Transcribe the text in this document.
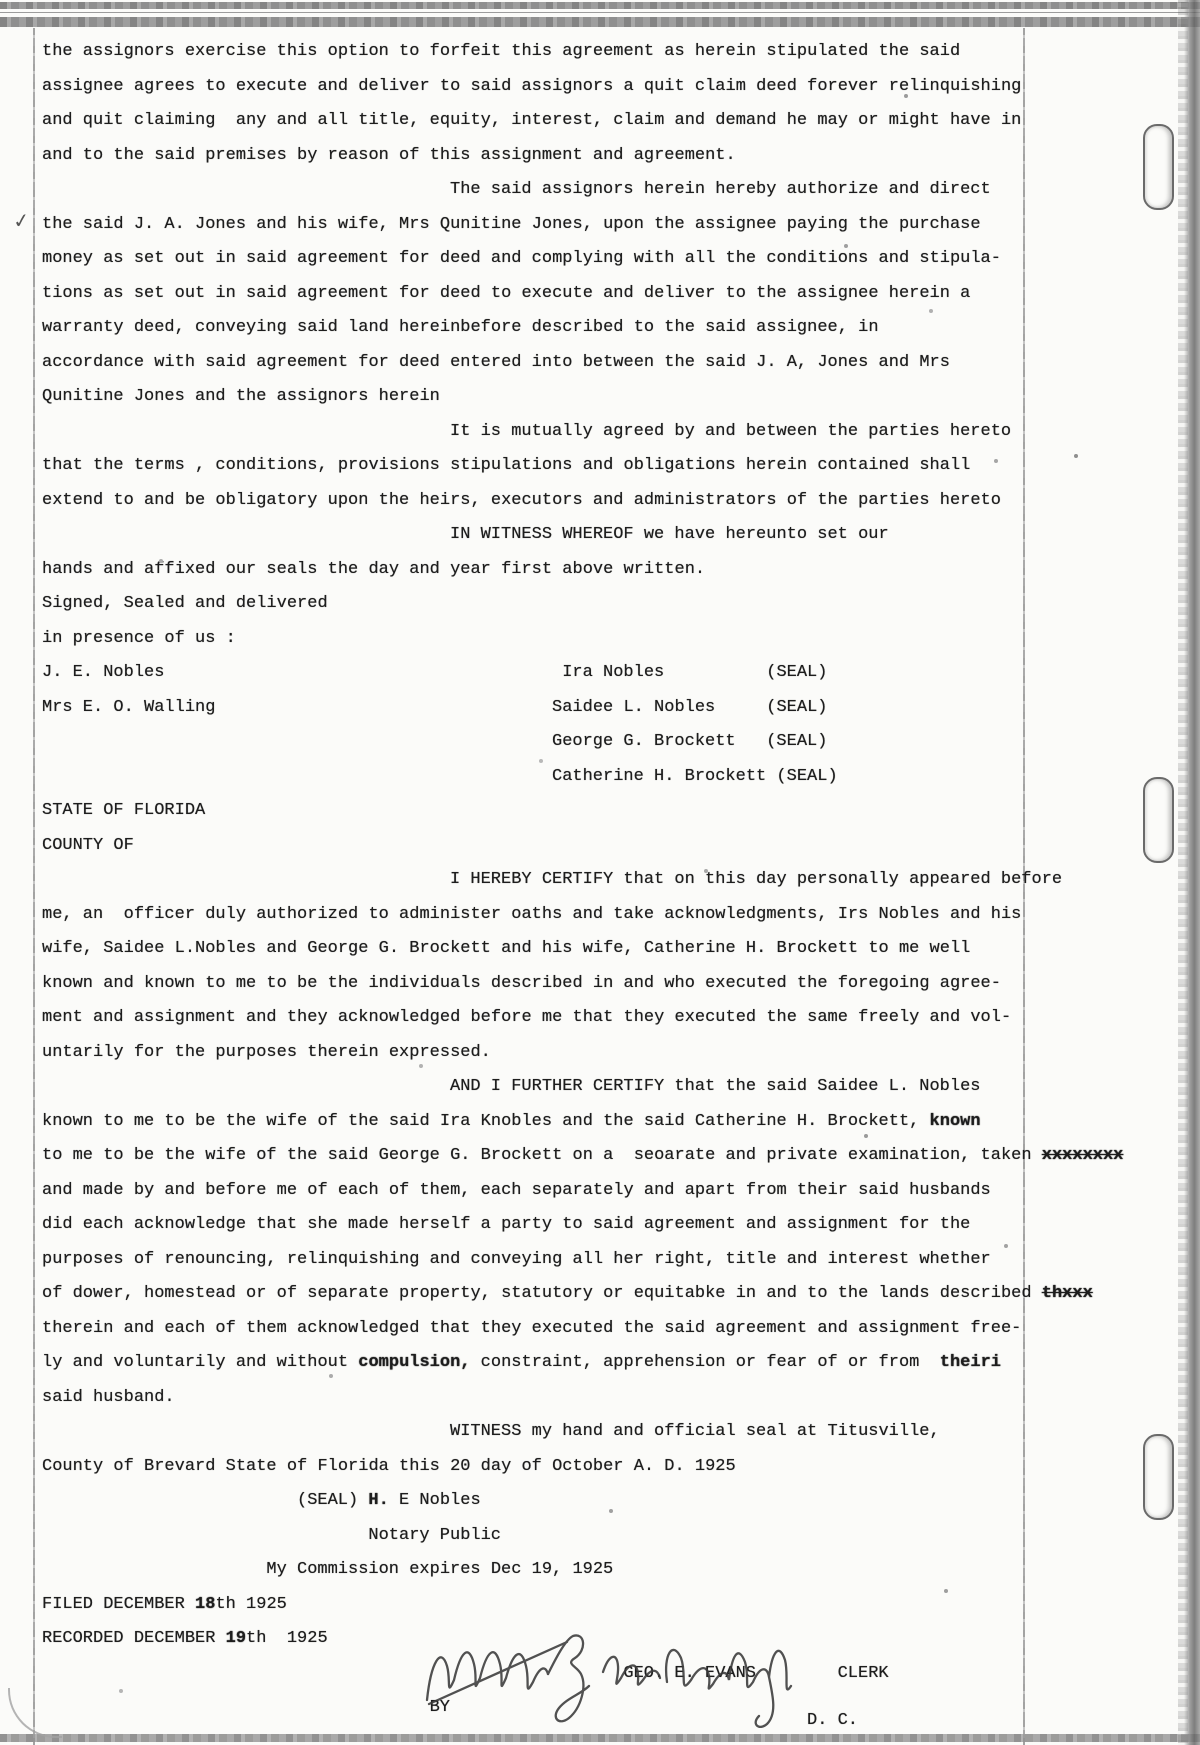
✓
the assignors exercise this option to forfeit this agreement as herein stipulated the said
assignee agrees to execute and deliver to said assignors a quit claim deed forever relinquishing
and quit claiming  any and all title, equity, interest, claim and demand he may or might have in
and to the said premises by reason of this assignment and agreement.
The said assignors herein hereby authorize and direct
the said J. A. Jones and his wife, Mrs Qunitine Jones, upon the assignee paying the purchase
money as set out in said agreement for deed and complying with all the conditions and stipula-
tions as set out in said agreement for deed to execute and deliver to the assignee herein a
warranty deed, conveying said land hereinbefore described to the said assignee, in
accordance with said agreement for deed entered into between the said J. A, Jones and Mrs
Qunitine Jones and the assignors herein
It is mutually agreed by and between the parties hereto
that the terms , conditions, provisions stipulations and obligations herein contained shall
extend to and be obligatory upon the heirs, executors and administrators of the parties hereto
IN WITNESS WHEREOF we have hereunto set our
hands and affixed our seals the day and year first above written.
Signed, Sealed and delivered
in presence of us :
J. E. Nobles	Ira Nobles	(SEAL)
Mrs E. O. Walling	Saidee L. Nobles	(SEAL)
George G. Brockett (SEAL)
Catherine H. Brockett (SEAL)
STATE OF FLORIDA
COUNTY OF
I HEREBY CERTIFY that on this day personally appeared before
me, an  officer duly authorized to administer oaths and take acknowledgments, Irs Nobles and his
wife, Saidee L.Nobles and George G. Brockett and his wife, Catherine H. Brockett to me well
known and known to me to be the individuals described in and who executed the foregoing agree-
ment and assignment and they acknowledged before me that they executed the same freely and vol-
untarily for the purposes therein expressed.
AND I FURTHER CERTIFY that the said Saidee L. Nobles
known to me to be the wife of the said Ira Knobles and the said Catherine H. Brockett, known
to me to be the wife of the said George G. Brockett on a  seoarate and private examination, taken xxxxxxxx
and made by and before me of each of them, each separately and apart from their said husbands
did each acknowledge that she made herself a party to said agreement and assignment for the
purposes of renouncing, relinquishing and conveying all her right, title and interest whether
of dower, homestead or of separate property, statutory or equitabke in and to the lands described thxxx
therein and each of them acknowledged that they executed the said agreement and assignment free-
ly and voluntarily and without compulsion, constraint, apprehension or fear of or from  theiri
said husband.
WITNESS my hand and official seal at Titusville,
County of Brevard State of Florida this 20 day of October A. D. 1925
(SEAL) H. E Nobles
Notary Public
My Commission expires Dec 19, 1925
FILED DECEMBER 18th 1925
RECORDED DECEMBER 19th  1925
GEO. E. EVANS	CLERK
BY
D. C.
